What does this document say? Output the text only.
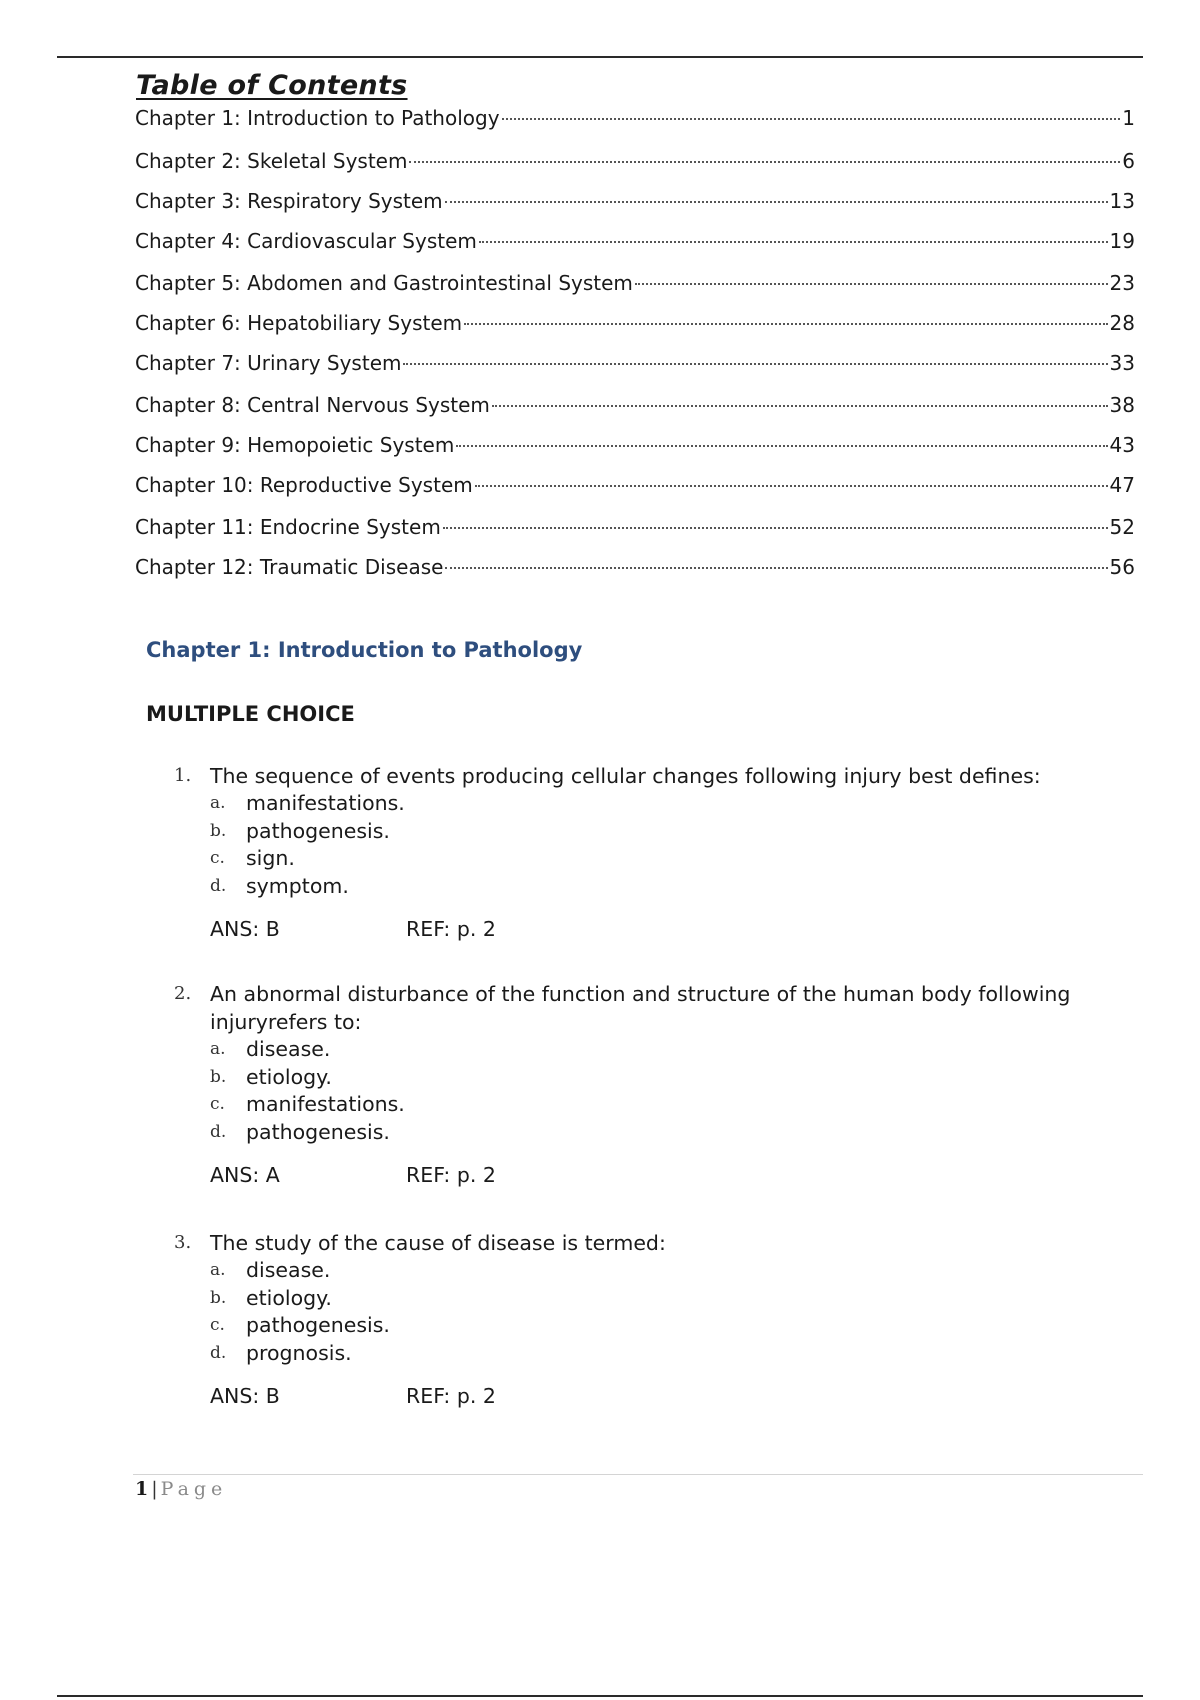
Table of Contents
Chapter 1: Introduction to Pathology	1
Chapter 2: Skeletal System	6
Chapter 3: Respiratory System	13
Chapter 4: Cardiovascular System	19
Chapter 5: Abdomen and Gastrointestinal System	23
Chapter 6: Hepatobiliary System	28
Chapter 7: Urinary System	33
Chapter 8: Central Nervous System	38
Chapter 9: Hemopoietic System	43
Chapter 10: Reproductive System	47
Chapter 11: Endocrine System	52
Chapter 12: Traumatic Disease	56
Chapter 1: Introduction to Pathology
MULTIPLE CHOICE
1. The sequence of events producing cellular changes following injury best defines:
a. manifestations.
b. pathogenesis.
c.	sign.
d. symptom.
ANS: B	REF: p. 2
2. An abnormal disturbance of the function and structure of the human body following injuryrefers to:
a. disease.
b. etiology.
c.	manifestations.
d. pathogenesis.
ANS: A	REF: p. 2
3. The study of the cause of disease is termed:
a. disease.
b. etiology.
c.	pathogenesis.
d. prognosis.
ANS: B	REF: p. 2
1 | Page
